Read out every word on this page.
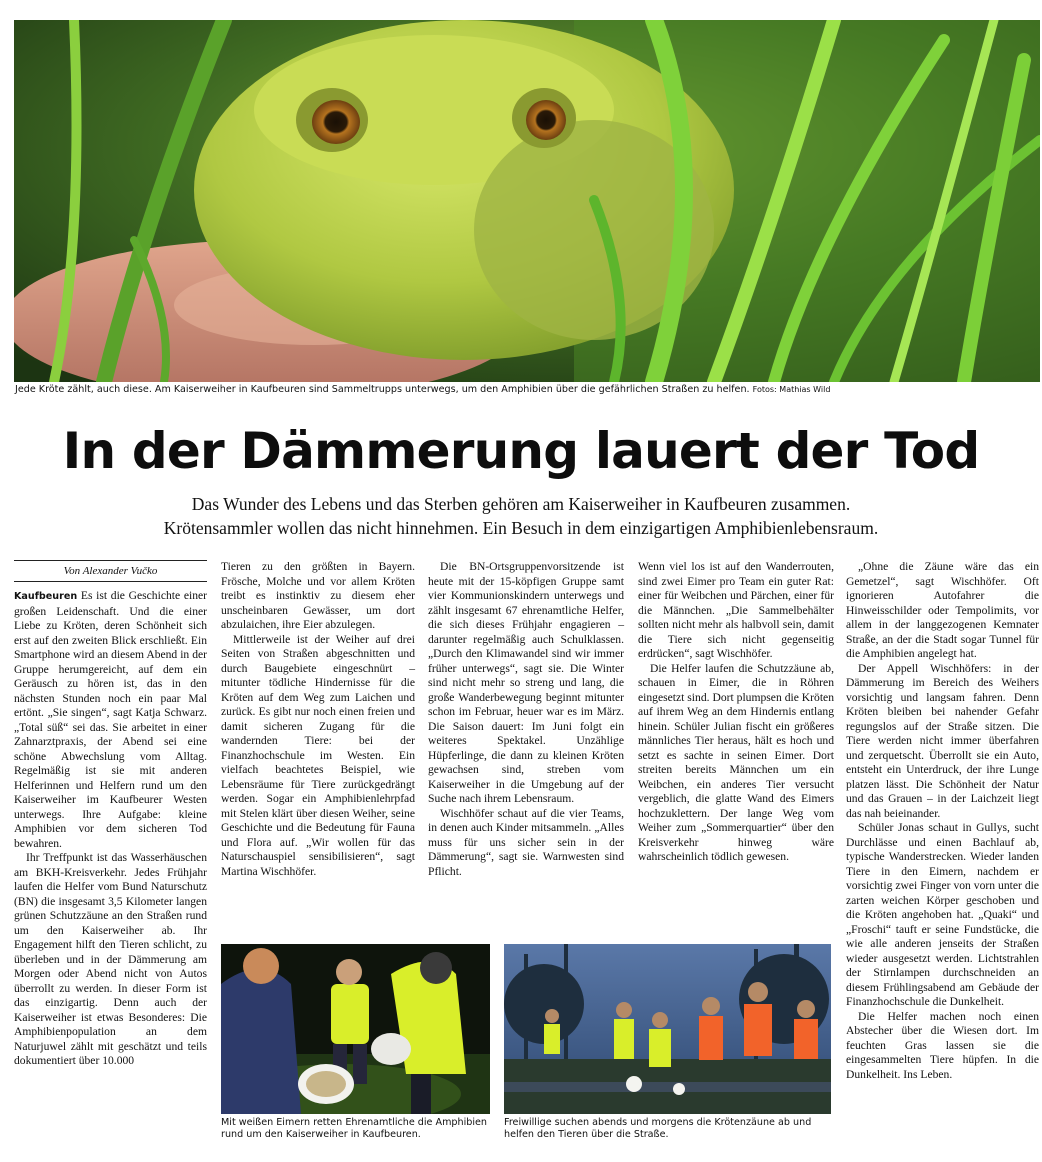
Jede Kröte zählt, auch diese. Am Kaiserweiher in Kaufbeuren sind Sammeltrupps unterwegs, um den Amphibien über die gefährlichen Straßen zu helfen. Fotos: Mathias Wild
In der Dämmerung lauert der Tod
Das Wunder des Lebens und das Sterben gehören am Kaiserweiher in Kaufbeuren zusammen.
Krötensammler wollen das nicht hinnehmen. Ein Besuch in dem einzigartigen Amphibienlebensraum.
Von Alexander Vučko

Kaufbeuren Es ist die Geschichte einer großen Leidenschaft. Und die einer Liebe zu Kröten, deren Schönheit sich erst auf den zweiten Blick erschließt. Ein Smartphone wird an diesem Abend in der Gruppe herumgereicht, auf dem ein Geräusch zu hören ist, das in den nächsten Stunden noch ein paar Mal ertönt. „Sie singen“, sagt Katja Schwarz. „Total süß“ sei das. Sie arbeitet in einer Zahnarztpraxis, der Abend sei eine schöne Abwechslung vom Alltag. Regelmäßig ist sie mit anderen Helferinnen und Helfern rund um den Kaiserweiher im Kaufbeurer Westen unterwegs. Ihre Aufgabe: kleine Amphibien vor dem sicheren Tod bewahren.

Ihr Treffpunkt ist das Wasserhäuschen am BKH-Kreisverkehr. Jedes Frühjahr laufen die Helfer vom Bund Naturschutz (BN) die insgesamt 3,5 Kilometer langen grünen Schutzzäune an den Straßen rund um den Kaiserweiher ab. Ihr Engagement hilft den Tieren schlicht, zu überleben und in der Dämmerung am Morgen oder Abend nicht von Autos überrollt zu werden. In dieser Form ist das einzigartig. Denn auch der Kaiserweiher ist etwas Besonderes: Die Amphibienpopulation an dem Naturjuwel zählt mit geschätzt und teils dokumentiert über 10.000

Tieren zu den größten in Bayern. Frösche, Molche und vor allem Kröten treibt es instinktiv zu diesem eher unscheinbaren Gewässer, um dort abzulaichen, ihre Eier abzulegen.

Mittlerweile ist der Weiher auf drei Seiten von Straßen abgeschnitten und durch Baugebiete eingeschnürt – mitunter tödliche Hindernisse für die Kröten auf dem Weg zum Laichen und zurück. Es gibt nur noch einen freien und damit sicheren Zugang für die wandernden Tiere: bei der Finanzhochschule im Westen. Ein vielfach beachtetes Beispiel, wie Lebensräume für Tiere zurückgedrängt werden. Sogar ein Amphibienlehrpfad mit Stelen klärt über diesen Weiher, seine Geschichte und die Bedeutung für Fauna und Flora auf. „Wir wollen für das Naturschauspiel sensibilisieren“, sagt Martina Wischhöfer.

Die BN-Ortsgruppenvorsitzende ist heute mit der 15-köpfigen Gruppe samt vier Kommunionskindern unterwegs und zählt insgesamt 67 ehrenamtliche Helfer, die sich dieses Frühjahr engagieren – darunter regelmäßig auch Schulklassen. „Durch den Klimawandel sind wir immer früher unterwegs“, sagt sie. Die Winter sind nicht mehr so streng und lang, die große Wanderbewegung beginnt mitunter schon im Februar, heuer war es im März. Die Saison dauert: Im Juni folgt ein weiteres Spektakel. Unzählige Hüpferlinge, die dann zu kleinen Kröten gewachsen sind, streben vom Kaiserweiher in die Umgebung auf der Suche nach ihrem Lebensraum.

Wischhöfer schaut auf die vier Teams, in denen auch Kinder mitsammeln. „Alles muss für uns sicher sein in der Dämmerung“, sagt sie. Warnwesten sind Pflicht.

Wenn viel los ist auf den Wanderrouten, sind zwei Eimer pro Team ein guter Rat: einer für Weibchen und Pärchen, einer für die Männchen. „Die Sammelbehälter sollten nicht mehr als halbvoll sein, damit die Tiere sich nicht gegenseitig erdrücken“, sagt Wischhöfer.

Die Helfer laufen die Schutzzäune ab, schauen in Eimer, die in Röhren eingesetzt sind. Dort plumpsen die Kröten auf ihrem Weg an dem Hindernis entlang hinein. Schüler Julian fischt ein größeres männliches Tier heraus, hält es hoch und setzt es sachte in seinen Eimer. Dort streiten bereits Männchen um ein Weibchen, ein anderes Tier versucht vergeblich, die glatte Wand des Eimers hochzuklettern. Der lange Weg vom Weiher zum „Sommerquartier“ über den Kreisverkehr hinweg wäre wahrscheinlich tödlich gewesen.

„Ohne die Zäune wäre das ein Gemetzel“, sagt Wischhöfer. Oft ignorieren Autofahrer die Hinweisschilder oder Tempolimits, vor allem in der langgezogenen Kemnater Straße, an der die Stadt sogar Tunnel für die Amphibien angelegt hat.

Der Appell Wischhöfers: in der Dämmerung im Bereich des Weihers vorsichtig und langsam fahren. Denn Kröten bleiben bei nahender Gefahr regungslos auf der Straße sitzen. Die Tiere werden nicht immer überfahren und zerquetscht. Überrollt sie ein Auto, entsteht ein Unterdruck, der ihre Lunge platzen lässt. Die Schönheit der Natur und das Grauen – in der Laichzeit liegt das nah beieinander.

Schüler Jonas schaut in Gullys, sucht Durchlässe und einen Bachlauf ab, typische Wanderstrecken. Wieder landen Tiere in den Eimern, nachdem er vorsichtig zwei Finger von vorn unter die zarten weichen Körper geschoben und die Kröten angehoben hat. „Quaki“ und „Froschi“ tauft er seine Fundstücke, die wie alle anderen jenseits der Straßen wieder ausgesetzt werden. Lichtstrahlen der Stirnlampen durchschneiden an diesem Frühlingsabend am Gebäude der Finanzhochschule die Dunkelheit.

Die Helfer machen noch einen Abstecher über die Wiesen dort. Im feuchten Gras lassen sie die eingesammelten Tiere hüpfen. In die Dunkelheit. Ins Leben.

Mit weißen Eimern retten Ehrenamtliche die Amphibien rund um den Kaiserweiher in Kaufbeuren.
Freiwillige suchen abends und morgens die Krötenzäune ab und helfen den Tieren über die Straße.
